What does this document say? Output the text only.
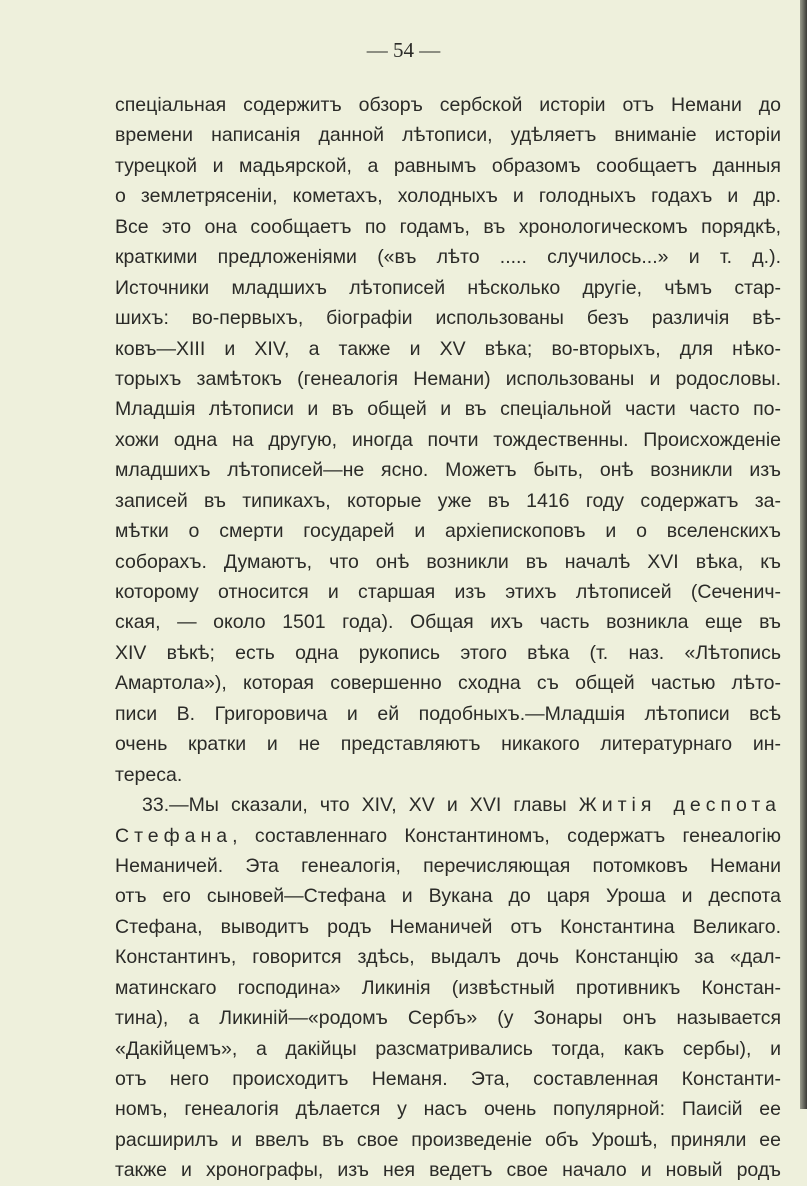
— 54 —
спеціальная содержитъ обзоръ сербской исторіи отъ Немани до
времени написанія данной лѣтописи, удѣляетъ вниманіе исторіи
турецкой и мадьярской, а равнымъ образомъ сообщаетъ данныя
о землетрясеніи, кометахъ, холодныхъ и голодныхъ годахъ и др.
Все это она сообщаетъ по годамъ, въ хронологическомъ порядкѣ,
краткими предложеніями («въ лѣто ..... случилось...» и т. д.).
Источники младшихъ лѣтописей нѣсколько другіе, чѣмъ стар-
шихъ: во-первыхъ, біографіи использованы безъ различія вѣ-
ковъ—XIII и XIV, а также и XV вѣка; во-вторыхъ, для нѣко-
торыхъ замѣтокъ (генеалогія Немани) использованы и родословы.
Младшія лѣтописи и въ общей и въ спеціальной части часто по-
хожи одна на другую, иногда почти тождественны. Происхожденіе
младшихъ лѣтописей—не ясно. Можетъ быть, онѣ возникли изъ
записей въ типикахъ, которые уже въ 1416 году содержатъ за-
мѣтки о смерти государей и архіепископовъ и о вселенскихъ
соборахъ. Думаютъ, что онѣ возникли въ началѣ XVI вѣка, къ
которому относится и старшая изъ этихъ лѣтописей (Сеченич-
ская, — около 1501 года). Общая ихъ часть возникла еще въ
XIV вѣкѣ; есть одна рукопись этого вѣка (т. наз. «Лѣтопись
Амартола»), которая совершенно сходна съ общей частью лѣто-
писи В. Григоровича и ей подобныхъ.—Младшія лѣтописи всѣ
очень кратки и не представляютъ никакого литературнаго ин-
тереса.
33.—Мы сказали, что XIV, XV и XVI главы Житія деспота
Стефана, составленнаго Константиномъ, содержатъ генеалогію
Неманичей. Эта генеалогія, перечисляющая потомковъ Немани
отъ его сыновей—Стефана и Вукана до царя Уроша и деспота
Стефана, выводитъ родъ Неманичей отъ Константина Великаго.
Константинъ, говорится здѣсь, выдалъ дочь Констанцію за «дал-
матинскаго господина» Ликинія (извѣстный противникъ Констан-
тина), а Ликиній—«родомъ Сербъ» (у Зонары онъ называется
«Дакійцемъ», а дакійцы разсматривались тогда, какъ сербы), и
отъ него происходитъ Неманя. Эта, составленная Константи-
номъ, генеалогія дѣлается у насъ очень популярной: Паисій ее
расширилъ и ввелъ въ свое произведеніе объ Урошѣ, приняли ее
также и хронографы, изъ нея ведетъ свое начало и новый родъ
